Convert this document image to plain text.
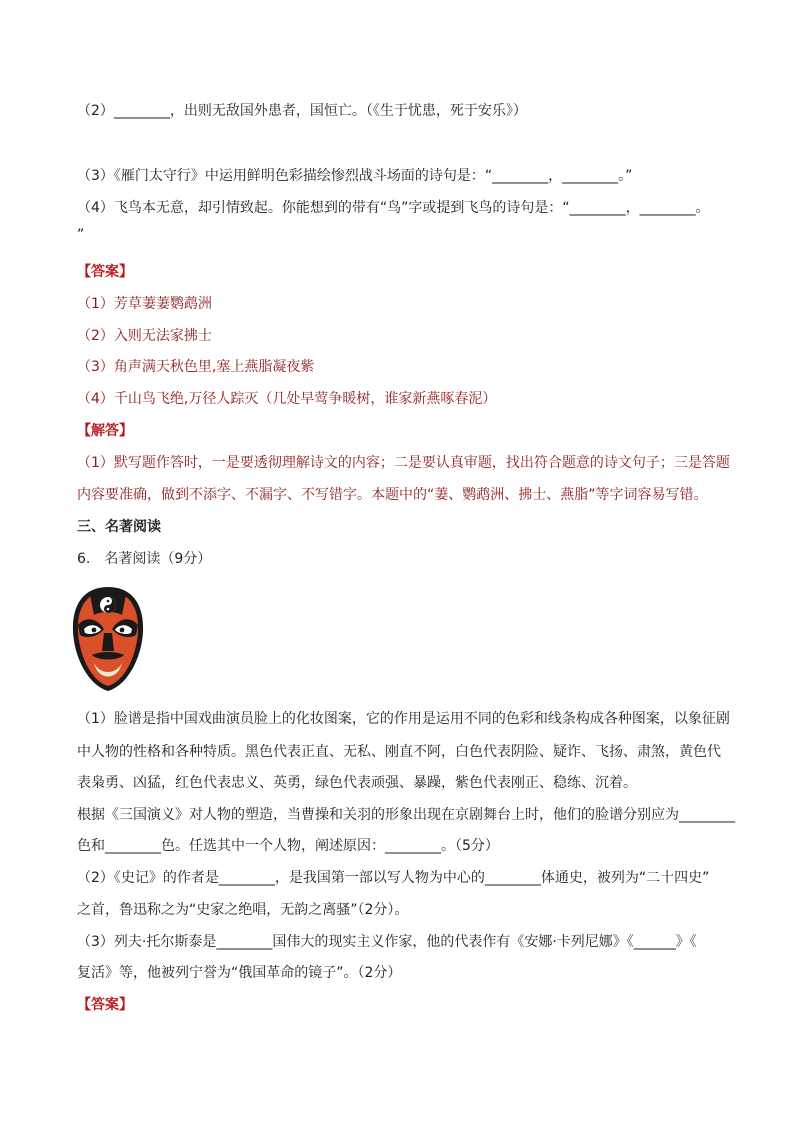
（2）________，出则无敌国外患者，国恒亡。（《生于忧患，死于安乐》）
（3）《雁门太守行》中运用鲜明色彩描绘惨烈战斗场面的诗句是：“________，________。”
（4）飞鸟本无意，却引情致起。你能想到的带有“鸟”字或提到飞鸟的诗句是：“________，________。
”
【答案】
（1）芳草萋萋鹦鹉洲
（2）入则无法家拂士
（3）角声满天秋色里,塞上燕脂凝夜紫
（4）千山鸟飞绝,万径人踪灭（几处早莺争暖树，谁家新燕啄春泥）
【解答】
（1）默写题作答时，一是要透彻理解诗文的内容；二是要认真审题，找出符合题意的诗文句子；三是答题
内容要准确，做到不添字、不漏字、不写错字。本题中的“萋、鹦鹉洲、拂士、燕脂”等字词容易写错。
三、名著阅读
6.　名著阅读（9分）
（1）脸谱是指中国戏曲演员脸上的化妆图案，它的作用是运用不同的色彩和线条构成各种图案，以象征剧
中人物的性格和各种特质。黑色代表正直、无私、刚直不阿，白色代表阴险、疑诈、飞扬、肃煞，黄色代
表枭勇、凶猛，红色代表忠义、英勇，绿色代表顽强、暴躁，紫色代表刚正、稳练、沉着。
根据《三国演义》对人物的塑造，当曹操和关羽的形象出现在京剧舞台上时，他们的脸谱分别应为________
色和________色。任选其中一个人物，阐述原因：________。（5分）
（2）《史记》的作者是________，是我国第一部以写人物为中心的________体通史，被列为“二十四史”
之首，鲁迅称之为“史家之绝唱，无韵之离骚”（2分）。
（3）列夫·托尔斯泰是________国伟大的现实主义作家，他的代表作有《安娜·卡列尼娜》《______》《
复活》等，他被列宁誉为“俄国革命的镜子”。（2分）
【答案】
